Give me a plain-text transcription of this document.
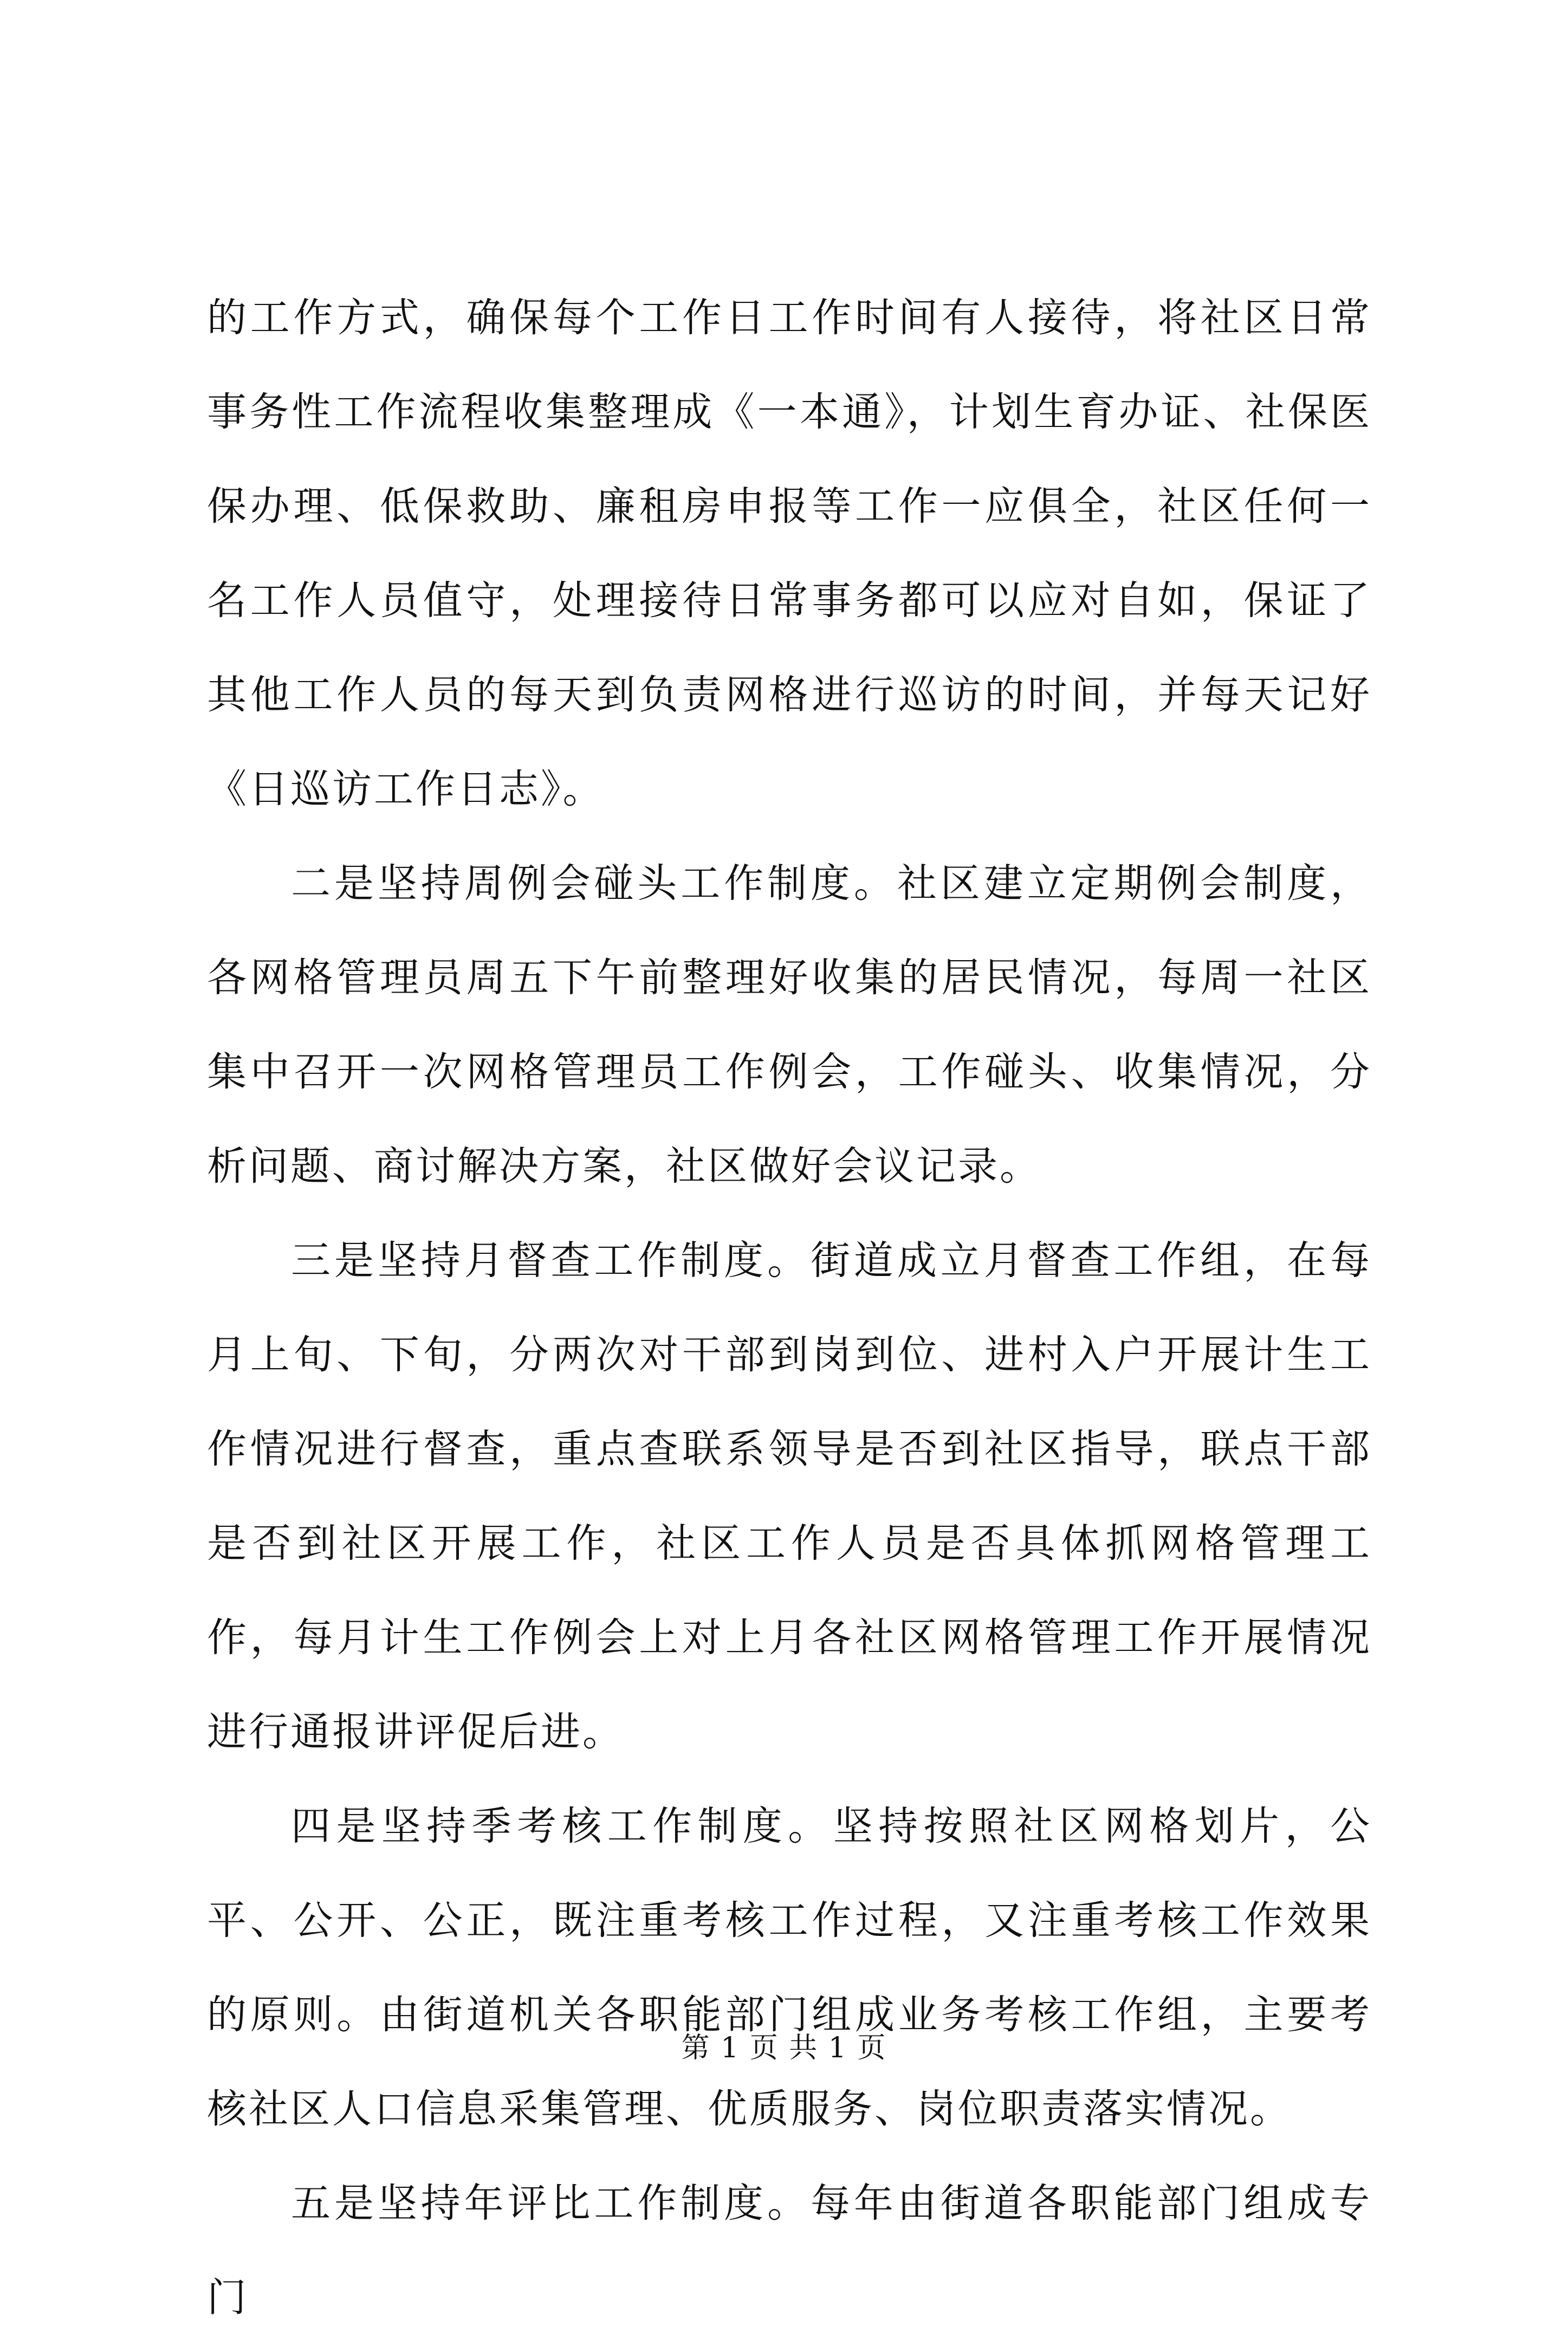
的工作方式，确保每个工作日工作时间有人接待，将社区日常事务性工作流程收集整理成《一本通》，计划生育办证、社保医保办理、低保救助、廉租房申报等工作一应俱全，社区任何一名工作人员值守，处理接待日常事务都可以应对自如，保证了其他工作人员的每天到负责网格进行巡访的时间，并每天记好《日巡访工作日志》。

二是坚持周例会碰头工作制度。社区建立定期例会制度，各网格管理员周五下午前整理好收集的居民情况，每周一社区集中召开一次网格管理员工作例会，工作碰头、收集情况，分析问题、商讨解决方案，社区做好会议记录。

三是坚持月督查工作制度。街道成立月督查工作组，在每月上旬、下旬，分两次对干部到岗到位、进村入户开展计生工作情况进行督查，重点查联系领导是否到社区指导，联点干部是否到社区开展工作，社区工作人员是否具体抓网格管理工作，每月计生工作例会上对上月各社区网格管理工作开展情况进行通报讲评促后进。

四是坚持季考核工作制度。坚持按照社区网格划片，公平、公开、公正，既注重考核工作过程，又注重考核工作效果的原则。由街道机关各职能部门组成业务考核工作组，主要考核社区人口信息采集管理、优质服务、岗位职责落实情况。

五是坚持年评比工作制度。每年由街道各职能部门组成专门

第 1 页 共 1 页
